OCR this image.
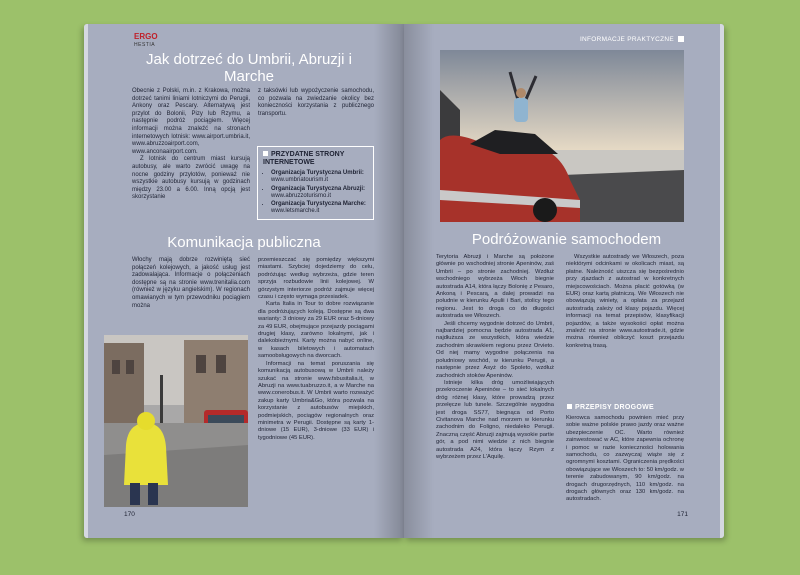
ERGO
HESTIA
Jak dotrzeć do Umbrii, Abruzji i Marche

Obecnie z Polski, m.in. z Krakowa, można dotrzeć tanimi liniami lotniczymi do Perugii, Ankony oraz Pescary. Alternatywą jest przylot do Bolonii, Pizy lub Rzymu, a następnie podróż pociągiem. Więcej informacji można znaleźć na stronach internetowych lotnisk: www.airport.umbria.it, www.abruzzoairport.com, www.anconaairport.com.

Z lotnisk do centrum miast kursują autobusy, ale warto zwrócić uwagę na nocne godziny przylotów, ponieważ nie wszystkie autobusy kursują w godzinach między 23.00 a 6.00. Inną opcją jest skorzystanie

z taksówki lub wypożyczenie samochodu, co pozwala na zwiedzanie okolicy bez konieczności korzystania z publicznego transportu.

PRZYDATNE STRONY INTERNETOWE
• Organizacja Turystyczna Umbrii:
www.umbriatourism.it
• Organizacja Turystyczna Abruzji:
www.abruzzoturismo.it
• Organizacja Turystyczna Marche:
www.letsmarche.it
Komunikacja publiczna

Włochy mają dobrze rozwiniętą sieć połączeń kolejowych, a jakość usług jest zadowalająca. Informacje o połączeniach dostępne są na stronie www.trenitalia.com (również w języku angielskim). W regionach omawianych w tym przewodniku pociągiem można

przemieszczać się pomiędzy większymi miastami. Szybciej dojedziemy do celu, podróżując według wybrzeża, gdzie teren sprzyja rozbudowie linii kolejowej. W górzystym interiorze podróż zajmuje więcej czasu i często wymaga przesiadek.

Karta Italia in Tour to dobre rozwiązanie dla podróżujących koleją. Dostępne są dwa warianty: 3 dniowy za 29 EUR oraz 5-dniowy za 49 EUR, obejmujące przejazdy pociągami drugiej klasy, zarówno lokalnymi, jak i dalekobieżnymi. Karty można nabyć online, w kasach biletowych i automatach samoobsługowych na dworcach.

Informacji na temat poruszania się komunikacją autobusową w Umbrii należy szukać na stronie www.fsbusitalia.it, w Abruzji na www.tuabruzzo.it, a w Marche na www.conerobus.it. W Umbrii warto rozważyć zakup karty Umbria&Go, która pozwala na korzystanie z autobusów miejskich, podmiejskich, pociągów regionalnych oraz minimetra w Perugii. Dostępne są karty 1-dniowe (15 EUR), 3-dniowe (33 EUR) i tygodniowe (45 EUR).

170
INFORMACJE PRAKTYCZNE
Podróżowanie samochodem

Terytoria Abruzji i Marche są położone głównie po wschodniej stronie Apeninów, zaś Umbrii – po stronie zachodniej. Wzdłuż wschodniego wybrzeża Włoch biegnie autostrada A14, która łączy Bolonię z Pesaro, Ankoną i Pescarą, a dalej prowadzi na południe w kierunku Apulii i Bari, stolicy tego regionu. Jest to droga co do długości autostrada we Włoszech.

Jeśli chcemy wygodnie dotrzeć do Umbrii, najbardziej pomocna będzie autostrada A1, najdłuższa ze wszystkich, która wiedzie zachodnim skrawkiem regionu przez Orvieto. Od niej mamy wygodne połączenia na południowy wschód, w kierunku Perugii, a następnie przez Asyż do Spoleto, wzdłuż zachodnich stoków Apeninów.

Istnieje kilka dróg umożliwiających przekroczenie Apeninów – to sieć lokalnych dróg różnej klasy, które prowadzą przez przełęcze lub tunele. Szczególnie wygodna jest droga SS77, biegnąca od Porto Civitanova Marche nad morzem w kierunku zachodnim do Foligno, niedaleko Perugii. Znaczną część Abruzji zajmują wysokie partie gór, a pod nimi wiedzie z nich biegnie autostrada A24, która łączy Rzym z wybrzeżem przez L'Aquilę.

Wszystkie autostrady we Włoszech, poza niektórymi odcinkami w okolicach miast, są płatne. Należność uiszcza się bezpośrednio przy zjazdach z autostrad w konkretnych miejscowościach. Można płacić gotówką (w EUR) oraz kartą płatniczą. We Włoszech nie obowiązują winiety, a opłata za przejazd autostradą zależy od klasy pojazdu. Więcej informacji na temat przepisów, klasyfikacji pojazdów, a także wysokości opłat można znaleźć na stronie www.autostrade.it, gdzie można również obliczyć koszt przejazdu konkretną trasą.

PRZEPISY DROGOWE

Kierowca samochodu powinien mieć przy sobie ważne polskie prawo jazdy oraz ważne ubezpieczenie OC. Warto również zainwestować w AC, które zapewnia ochronę i pomoc w razie konieczności holowania samochodu, co zazwyczaj wiąże się z ogromnymi kosztami. Ograniczenia prędkości obowiązujące we Włoszech to: 50 km/godz. w terenie zabudowanym, 90 km/godz. na drogach drugorzędnych, 110 km/godz. na drogach głównych oraz 130 km/godz. na autostradach.

171
